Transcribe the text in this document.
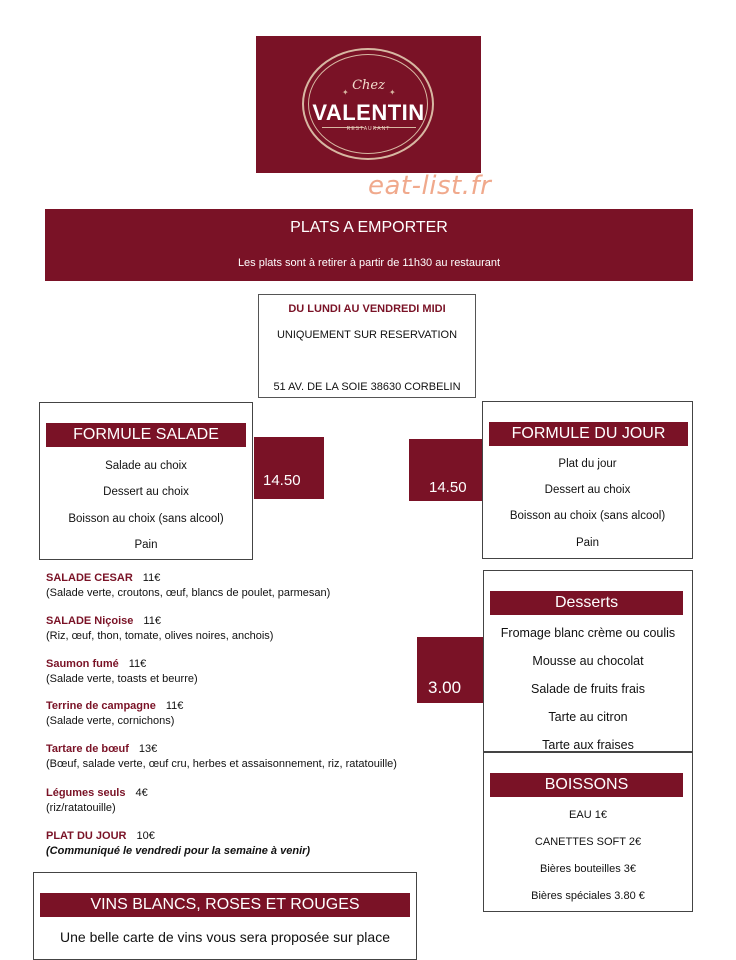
✦	✦
Chez
VALENTIN
RESTAURANT
eat-list.fr
PLATS A EMPORTER
Les plats sont à retirer à partir de 11h30 au restaurant
DU LUNDI AU VENDREDI MIDI
UNIQUEMENT SUR RESERVATION
51 AV. DE LA SOIE 38630 CORBELIN
FORMULE SALADE
Salade au choix
Dessert au choix
Boisson au choix (sans alcool)
Pain
14.50	14.50
FORMULE DU JOUR
Plat du jour
Dessert au choix
Boisson au choix (sans alcool)
Pain
SALADE CESAR 11€
(Salade verte, croutons, œuf, blancs de poulet, parmesan)
SALADE Niçoise 11€
(Riz, œuf, thon, tomate, olives noires, anchois)
Saumon fumé 11€
(Salade verte, toasts et beurre)
Terrine de campagne 11€
(Salade verte, cornichons)
Tartare de bœuf 13€
(Bœuf, salade verte, œuf cru, herbes et assaisonnement, riz, ratatouille)
Légumes seuls 4€
(riz/ratatouille)
PLAT DU JOUR 10€
(Communiqué le vendredi pour la semaine à venir)
3.00
Desserts
Fromage blanc crème ou coulis
Mousse au chocolat
Salade de fruits frais
Tarte au citron
Tarte aux fraises
BOISSONS
EAU 1€
CANETTES SOFT 2€
Bières bouteilles 3€
Bières spéciales 3.80 €
VINS BLANCS, ROSES ET ROUGES
Une belle carte de vins vous sera proposée sur place
